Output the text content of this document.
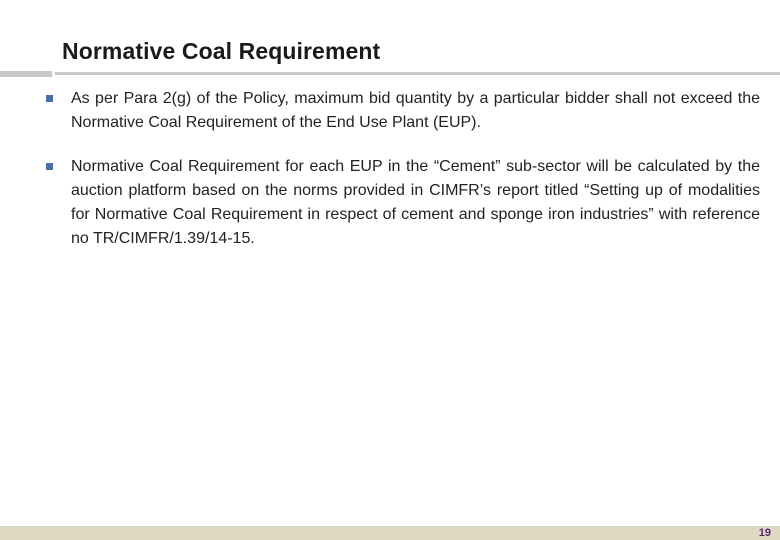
Normative Coal Requirement
As per Para 2(g) of the Policy, maximum bid quantity by a particular bidder shall not exceed the Normative Coal Requirement of the End Use Plant (EUP).
Normative Coal Requirement for each EUP in the “Cement” sub-sector will be calculated by the auction platform based on the norms provided in CIMFR’s report titled “Setting up of modalities for Normative Coal Requirement in respect of cement and sponge iron industries” with reference no TR/CIMFR/1.39/14-15.
19
